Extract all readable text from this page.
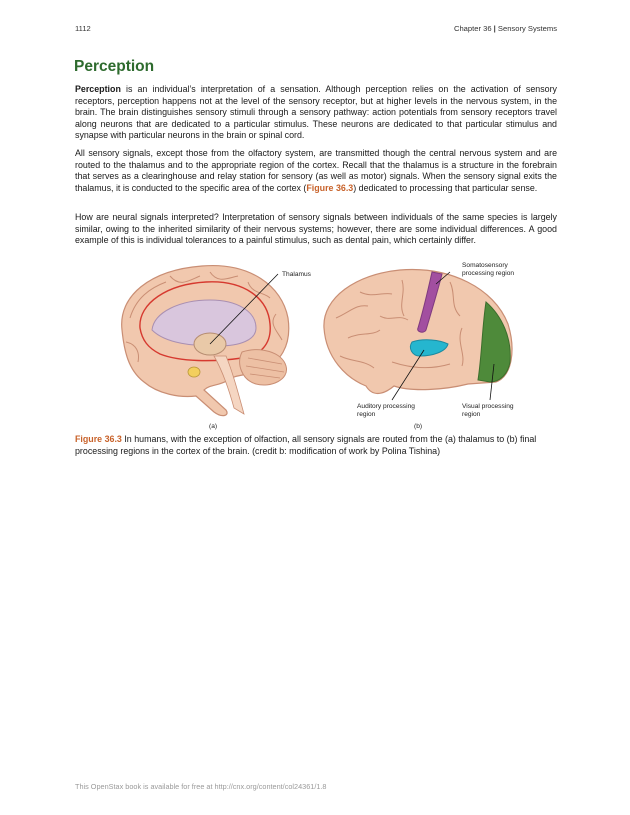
1112	Chapter 36 | Sensory Systems
Perception

Perception is an individual’s interpretation of a sensation. Although perception relies on the activation of sensory receptors, perception happens not at the level of the sensory receptor, but at higher levels in the nervous system, in the brain. The brain distinguishes sensory stimuli through a sensory pathway: action potentials from sensory receptors travel along neurons that are dedicated to a particular stimulus. These neurons are dedicated to that particular stimulus and synapse with particular neurons in the brain or spinal cord.

All sensory signals, except those from the olfactory system, are transmitted though the central nervous system and are routed to the thalamus and to the appropriate region of the cortex. Recall that the thalamus is a structure in the forebrain that serves as a clearinghouse and relay station for sensory (as well as motor) signals. When the sensory signal exits the thalamus, it is conducted to the specific area of the cortex (Figure 36.3) dedicated to processing that particular sense.

How are neural signals interpreted? Interpretation of sensory signals between individuals of the same species is largely similar, owing to the inherited similarity of their nervous systems; however, there are some individual differences. A good example of this is individual tolerances to a painful stimulus, such as dental pain, which certainly differ.

Thalamus
Somatosensory processing region
Auditory processing region
Visual processing region
(a)	(b)

Figure 36.3 In humans, with the exception of olfaction, all sensory signals are routed from the (a) thalamus to (b) final processing regions in the cortex of the brain. (credit b: modification of work by Polina Tishina)

This OpenStax book is available for free at http://cnx.org/content/col24361/1.8
